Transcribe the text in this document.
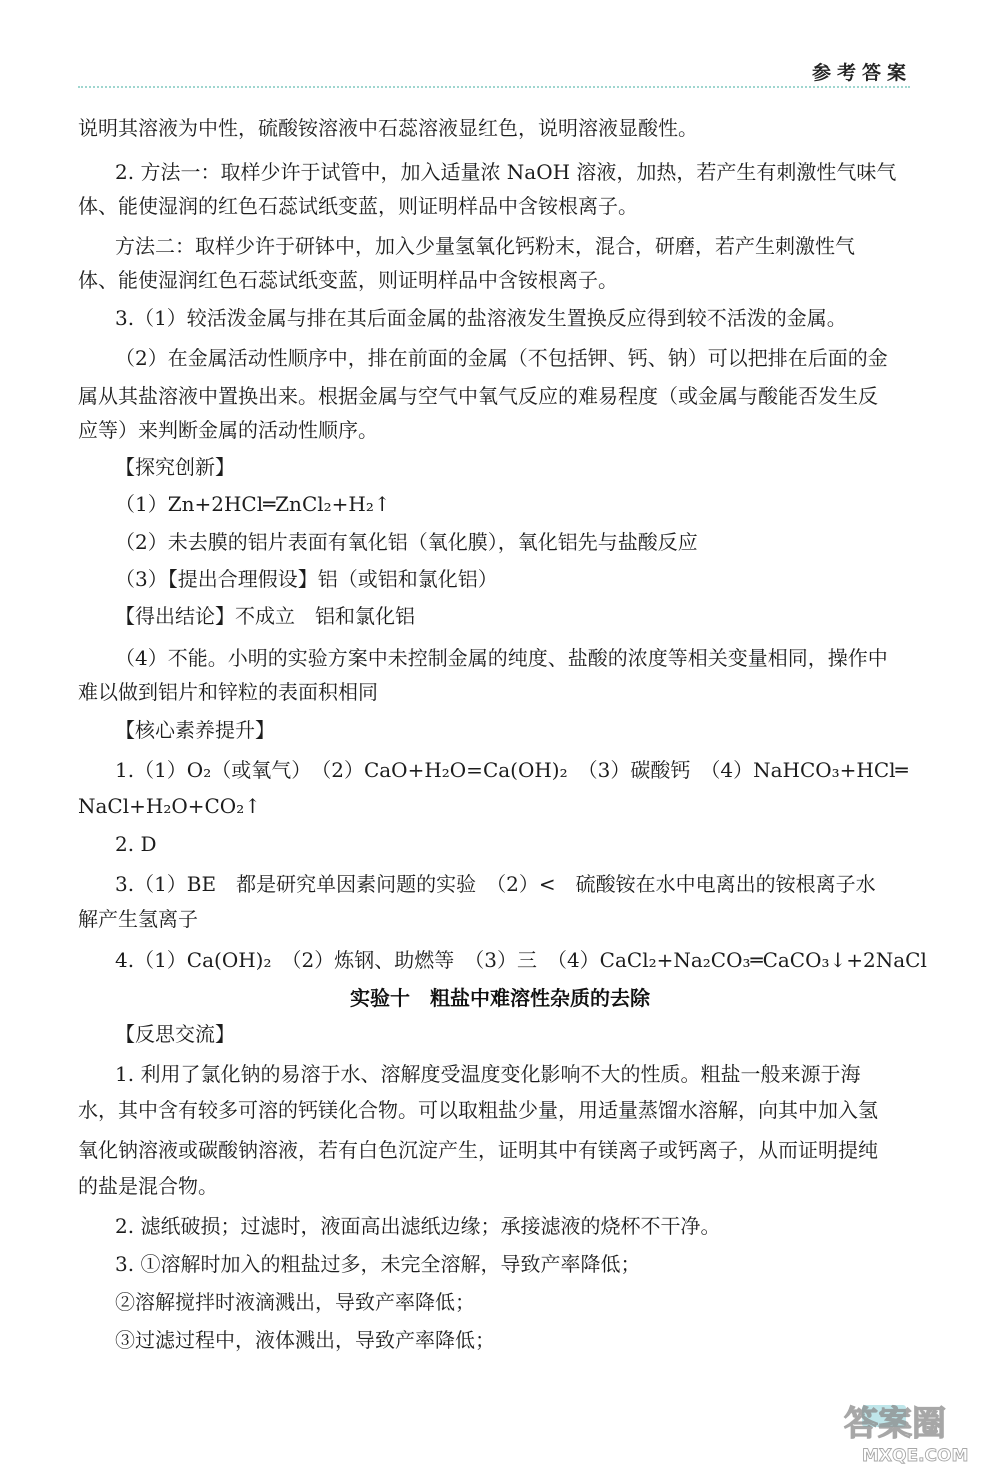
参考答案
说明其溶液为中性，硫酸铵溶液中石蕊溶液显红色，说明溶液显酸性。
2. 方法一：取样少许于试管中，加入适量浓 NaOH 溶液，加热，若产生有刺激性气味气
体、能使湿润的红色石蕊试纸变蓝，则证明样品中含铵根离子。
方法二：取样少许于研钵中，加入少量氢氧化钙粉末，混合，研磨，若产生刺激性气
体、能使湿润红色石蕊试纸变蓝，则证明样品中含铵根离子。
3.（1）较活泼金属与排在其后面金属的盐溶液发生置换反应得到较不活泼的金属。
（2）在金属活动性顺序中，排在前面的金属（不包括钾、钙、钠）可以把排在后面的金
属从其盐溶液中置换出来。根据金属与空气中氧气反应的难易程度（或金属与酸能否发生反
应等）来判断金属的活动性顺序。
【探究创新】
（1）Zn+2HCl═ZnCl₂+H₂↑
（2）未去膜的铝片表面有氧化铝（氧化膜），氧化铝先与盐酸反应
（3）【提出合理假设】铝（或铝和氯化铝）
【得出结论】不成立　铝和氯化铝
（4）不能。小明的实验方案中未控制金属的纯度、盐酸的浓度等相关变量相同，操作中
难以做到铝片和锌粒的表面积相同
【核心素养提升】
1.（1）O₂（或氧气）　（2）CaO+H₂O=Ca(OH)₂　（3）碳酸钙　（4）NaHCO₃+HCl═
NaCl+H₂O+CO₂↑
2. D
3.（1）BE　都是研究单因素问题的实验　（2）<　硫酸铵在水中电离出的铵根离子水
解产生氢离子
4.（1）Ca(OH)₂　（2）炼钢、助燃等　（3）三　（4）CaCl₂+Na₂CO₃═CaCO₃↓+2NaCl
实验十　粗盐中难溶性杂质的去除
【反思交流】
1. 利用了氯化钠的易溶于水、溶解度受温度变化影响不大的性质。粗盐一般来源于海
水，其中含有较多可溶的钙镁化合物。可以取粗盐少量，用适量蒸馏水溶解，向其中加入氢
氧化钠溶液或碳酸钠溶液，若有白色沉淀产生，证明其中有镁离子或钙离子，从而证明提纯
的盐是混合物。
2. 滤纸破损；过滤时，液面高出滤纸边缘；承接滤液的烧杯不干净。
3. ①溶解时加入的粗盐过多，未完全溶解，导致产率降低；
②溶解搅拌时液滴溅出，导致产率降低；
③过滤过程中，液体溅出，导致产率降低；
答案圈
MXQE.COM
